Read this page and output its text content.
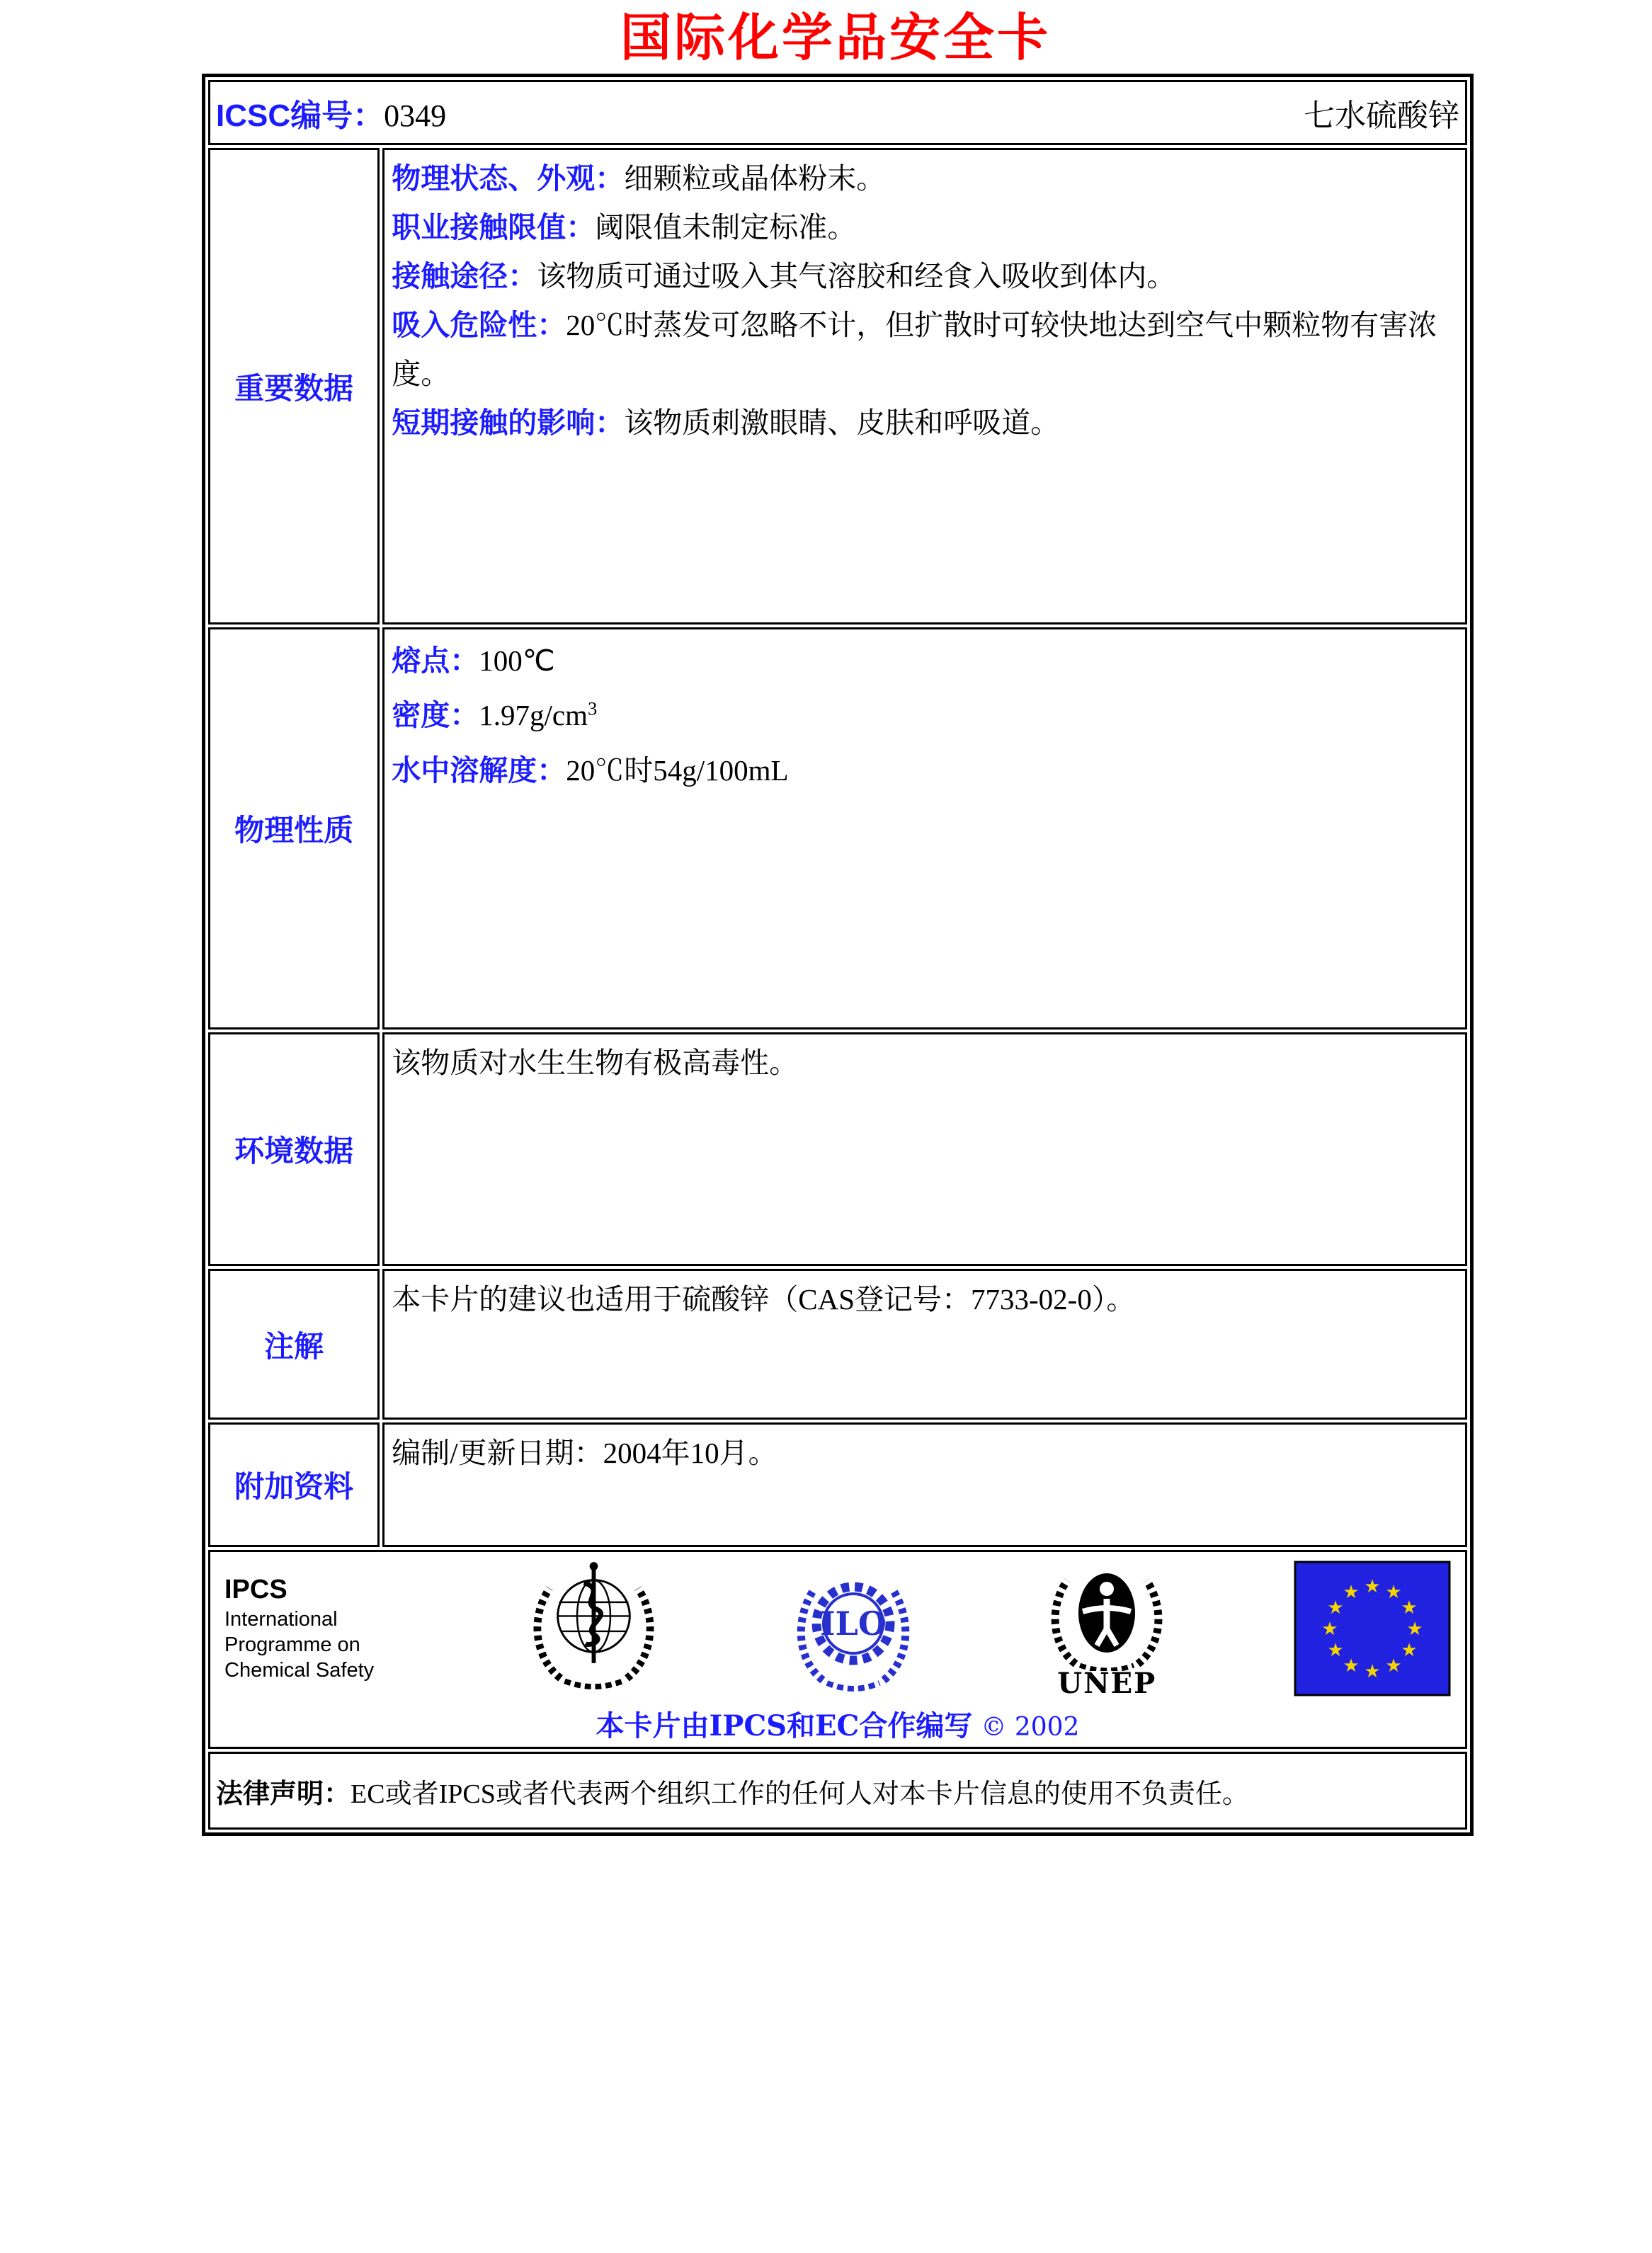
国际化学品安全卡
ICSC编号：0349 七水硫酸锌	

重要数据	物理状态、外观：细颗粒或晶体粉末。
职业接触限值：阈限值未制定标准。
接触途径：该物质可通过吸入其气溶胶和经食入吸收到体内。
吸入危险性：20℃时蒸发可忽略不计，但扩散时可较快地达到空气中颗粒物有害浓度。
短期接触的影响：该物质刺激眼睛、皮肤和呼吸道。

物理性质	熔点：100℃
密度：$1.97g/cm^3$
水中溶解度：20℃时54g/100mL

环境数据	该物质对水生生物有极高毒性。

注解	本卡片的建议也适用于硫酸锌（CAS登记号：7733-02-0）。

附加资料	编制/更新日期：2004年10月。

IPCS
International
Programme on
Chemical Safety
ILO
UNEP
★ ★
★
★
★
★
★
★
★
★
★
★
本卡片由IPCS和EC合作编写 © 2002

法律声明：EC或者IPCS或者代表两个组织工作的任何人对本卡片信息的使用不负责任。	
